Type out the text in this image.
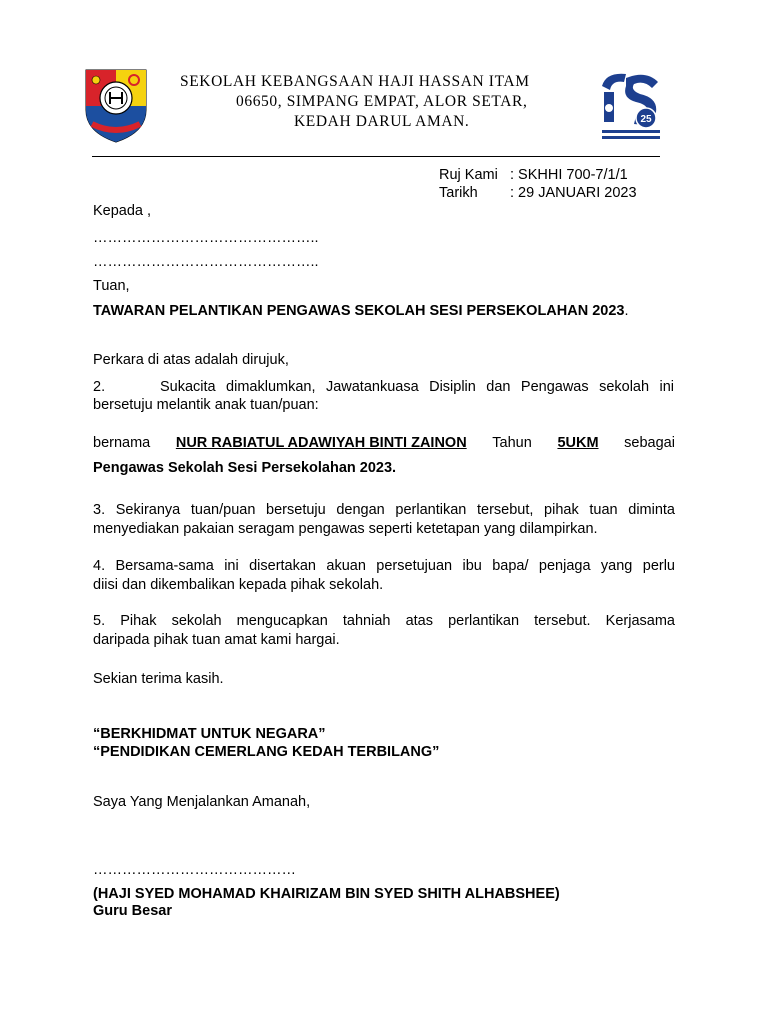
SEKOLAH KEBANGSAAN HAJI HASSAN ITAM
06650, SIMPANG EMPAT, ALOR SETAR,
KEDAH DARUL AMAN.	25
Ruj Kami : SKHHI 700-7/1/1
Tarikh : 29 JANUARI 2023
Kepada ,
………………………………………..
………………………………………..
Tuan,
TAWARAN PELANTIKAN PENGAWAS SEKOLAH SESI PERSEKOLAHAN 2023.
Perkara di atas adalah dirujuk,
2.	Sukacita dimaklumkan, Jawatankuasa Disiplin dan Pengawas sekolah ini
bersetuju melantik anak tuan/puan:
bernama NUR RABIATUL ADAWIYAH BINTI ZAINON Tahun 5UKM sebagai
Pengawas Sekolah Sesi Persekolahan 2023.
3. Sekiranya tuan/puan bersetuju dengan perlantikan tersebut, pihak tuan diminta
menyediakan pakaian seragam pengawas seperti ketetapan yang dilampirkan.
4. Bersama-sama ini disertakan akuan persetujuan ibu bapa/ penjaga yang perlu
diisi dan dikembalikan kepada pihak sekolah.
5. Pihak sekolah mengucapkan tahniah atas perlantikan tersebut. Kerjasama
daripada pihak tuan amat kami hargai.
Sekian terima kasih.
“BERKHIDMAT UNTUK NEGARA”
“PENDIDIKAN CEMERLANG KEDAH TERBILANG”
Saya Yang Menjalankan Amanah,
……………………………………
(HAJI SYED MOHAMAD KHAIRIZAM BIN SYED SHITH ALHABSHEE)
Guru Besar
